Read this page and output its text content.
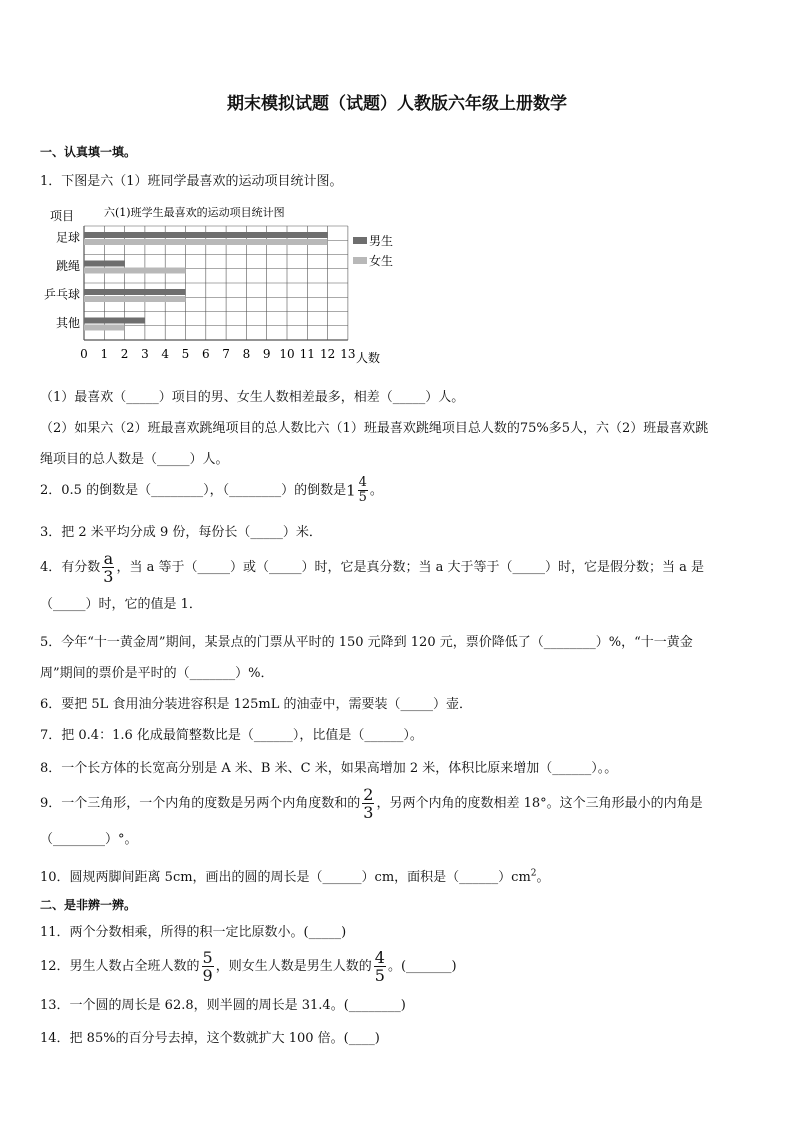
期末模拟试题（试题）人教版六年级上册数学
一、认真填一填。
1．下图是六（1）班同学最喜欢的运动项目统计图。
0 1 2 3 4 5 6 7 8 9 10 11 12 13
足球
跳绳
乒乓球
其他
六(1)班学生最喜欢的运动项目统计图
项目
人数
男生
女生
（1）最喜欢（_____）项目的男、女生人数相差最多，相差（_____）人。
（2）如果六（2）班最喜欢跳绳项目的总人数比六（1）班最喜欢跳绳项目总人数的75%多5人，六（2）班最喜欢跳
绳项目的总人数是（_____）人。
2．0.5 的倒数是（________），（________）的倒数是$1 \frac{4}{5}$ 。
3．把 2 米平均分成 9 份，每份长（_____）米．
4．有分数 $\frac{a}{3}$ ，当 a 等于（_____）或（_____）时，它是真分数；当 a 大于等于（_____）时，它是假分数；当 a 是
（_____）时，它的值是 1．
5．今年“十一黄金周”期间，某景点的门票从平时的 150 元降到 120 元，票价降低了（________）%，“十一黄金
周”期间的票价是平时的（_______）%．
6．要把 5L 食用油分装进容积是 125mL 的油壶中，需要装（_____）壶．
7．把 0.4：1.6 化成最简整数比是（______），比值是（______）。
8．一个长方体的长宽高分别是 A 米、B 米、C 米，如果高增加 2 米，体积比原来增加（______）。。
9．一个三角形，一个内角的度数是另两个内角度数和的 $\frac{2}{3}$ ，另两个内角的度数相差 18°。这个三角形最小的内角是
（________）°。
10．圆规两脚间距离 5cm，画出的圆的周长是（______）cm，面积是$(\_\_\_\_\_\_)cm^2$。
二、是非辨一辨。
11．两个分数相乘，所得的积一定比原数小。(_____)
12．男生人数占全班人数的 $\frac{5}{9}$ ，则女生人数是男生人数的 $\frac{4}{5}$ 。(_______)
13．一个圆的周长是 62.8，则半圆的周长是 31.4。(________)
14．把 85%的百分号去掉，这个数就扩大 100 倍。(____)
